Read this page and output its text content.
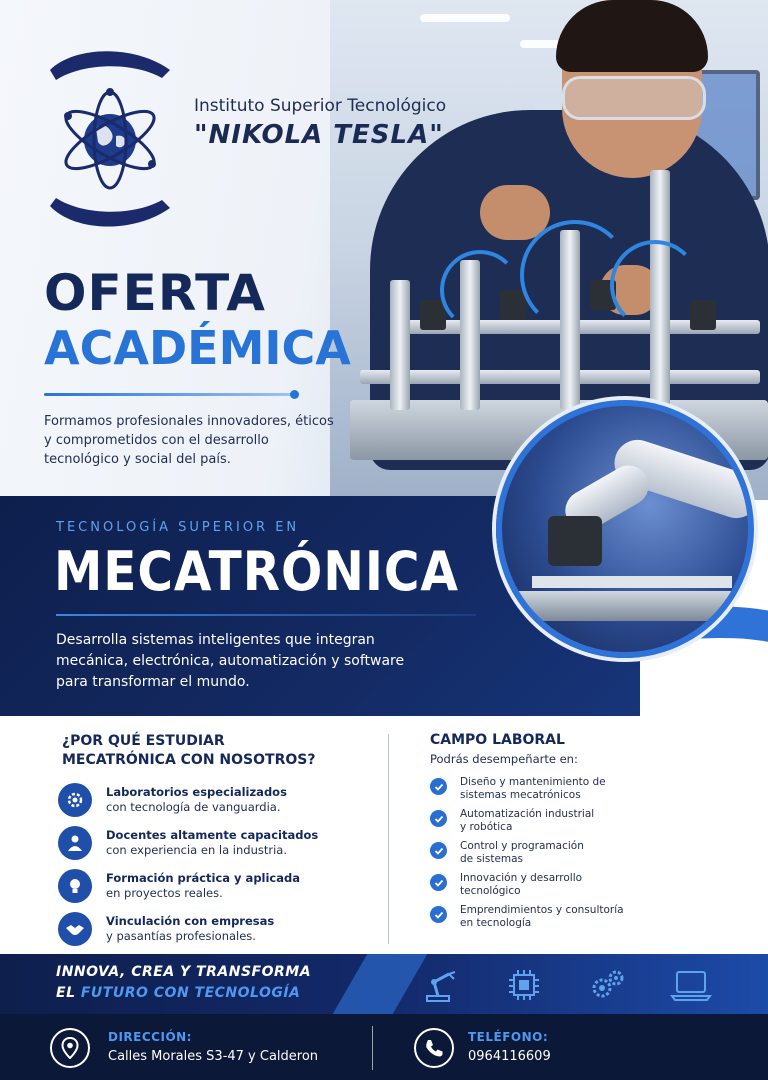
Instituto Superior Tecnológico
"NIKOLA TESLA"
OFERTA
ACADÉMICA
Formamos profesionales innovadores, éticos y comprometidos con el desarrollo tecnológico y social del país.
TECNOLOGÍA SUPERIOR EN
MECATRÓNICA
Desarrolla sistemas inteligentes que integran mecánica, electrónica, automatización y software para transformar el mundo.
¿POR QUÉ ESTUDIAR
MECATRÓNICA CON NOSOTROS?
Laboratorios especializados
con tecnología de vanguardia.
Docentes altamente capacitados
con experiencia en la industria.
Formación práctica y aplicada
en proyectos reales.
Vinculación con empresas
y pasantías profesionales.
CAMPO LABORAL
Podrás desempeñarte en:
Diseño y mantenimiento de
sistemas mecatrónicos
Automatización industrial
y robótica
Control y programación
de sistemas
Innovación y desarrollo
tecnológico
Emprendimientos y consultoría
en tecnología
INNOVA, CREA Y TRANSFORMA
EL FUTURO CON TECNOLOGÍA
DIRECCIÓN:
Calles Morales S3-47 y Calderon
TELÉFONO:
0964116609
